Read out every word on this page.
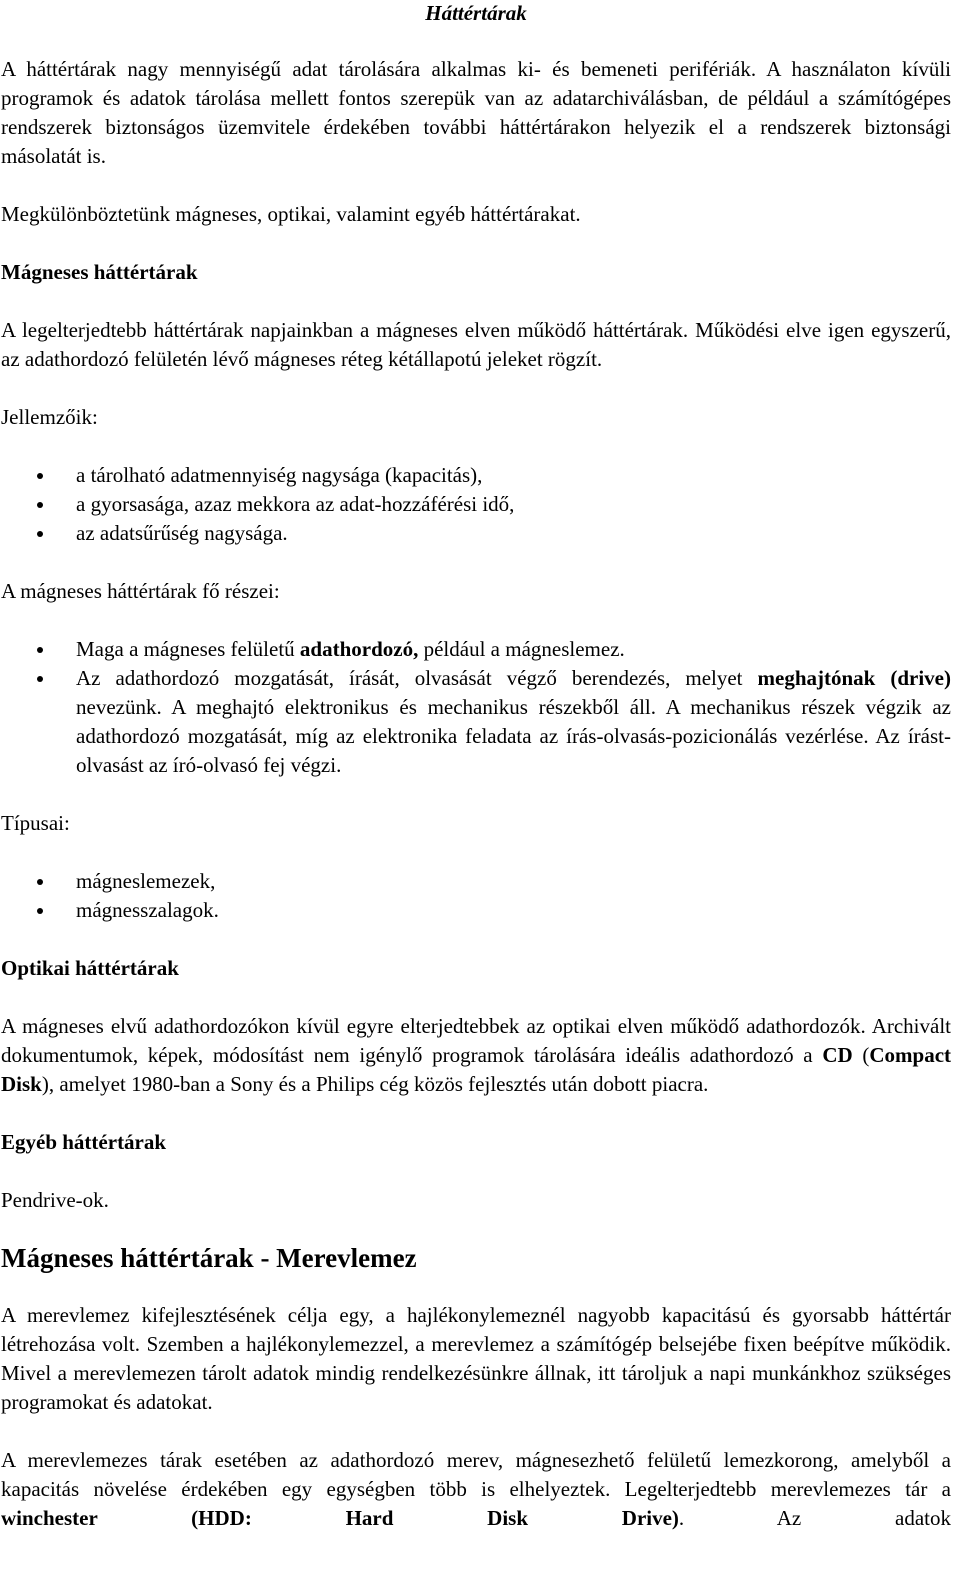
Háttértárak

A háttértárak nagy mennyiségű adat tárolására alkalmas ki- és bemeneti perifériák. A használaton kívüli programok és adatok tárolása mellett fontos szerepük van az adatarchiválásban, de például a számítógépes rendszerek biztonságos üzemvitele érdekében további háttértárakon helyezik el a rendszerek biztonsági másolatát is.

Megkülönböztetünk mágneses, optikai, valamint egyéb háttértárakat.

Mágneses háttértárak

A legelterjedtebb háttértárak napjainkban a mágneses elven működő háttértárak. Működési elve igen egyszerű, az adathordozó felületén lévő mágneses réteg kétállapotú jeleket rögzít.

Jellemzőik:

a tárolható adatmennyiség nagysága (kapacitás),
a gyorsasága, azaz mekkora az adat-hozzáférési idő,
az adatsűrűség nagysága.

A mágneses háttértárak fő részei:

Maga a mágneses felületű adathordozó, például a mágneslemez.
Az adathordozó mozgatását, írását, olvasását végző berendezés, melyet meghajtónak (drive) nevezünk. A meghajtó elektronikus és mechanikus részekből áll. A mechanikus részek végzik az adathordozó mozgatását, míg az elektronika feladata az írás-olvasás-pozicionálás vezérlése. Az írást-olvasást az író-olvasó fej végzi.

Típusai:

mágneslemezek,
mágnesszalagok.

Optikai háttértárak

A mágneses elvű adathordozókon kívül egyre elterjedtebbek az optikai elven működő adathordozók. Archivált dokumentumok, képek, módosítást nem igénylő programok tárolására ideális adathordozó a CD (Compact Disk), amelyet 1980-ban a Sony és a Philips cég közös fejlesztés után dobott piacra.

Egyéb háttértárak

Pendrive-ok.

Mágneses háttértárak - Merevlemez

A merevlemez kifejlesztésének célja egy, a hajlékonylemeznél nagyobb kapacitású és gyorsabb háttértár létrehozása volt. Szemben a hajlékonylemezzel, a merevlemez a számítógép belsejébe fixen beépítve működik. Mivel a merevlemezen tárolt adatok mindig rendelkezésünkre állnak, itt tároljuk a napi munkánkhoz szükséges programokat és adatokat.

A merevlemezes tárak esetében az adathordozó merev, mágnesezhető felületű lemezkorong, amelyből a kapacitás növelése érdekében egy egységben több is elhelyeztek. Legelterjedtebb merevlemezes tár a winchester (HDD: Hard Disk Drive). Az adatok
